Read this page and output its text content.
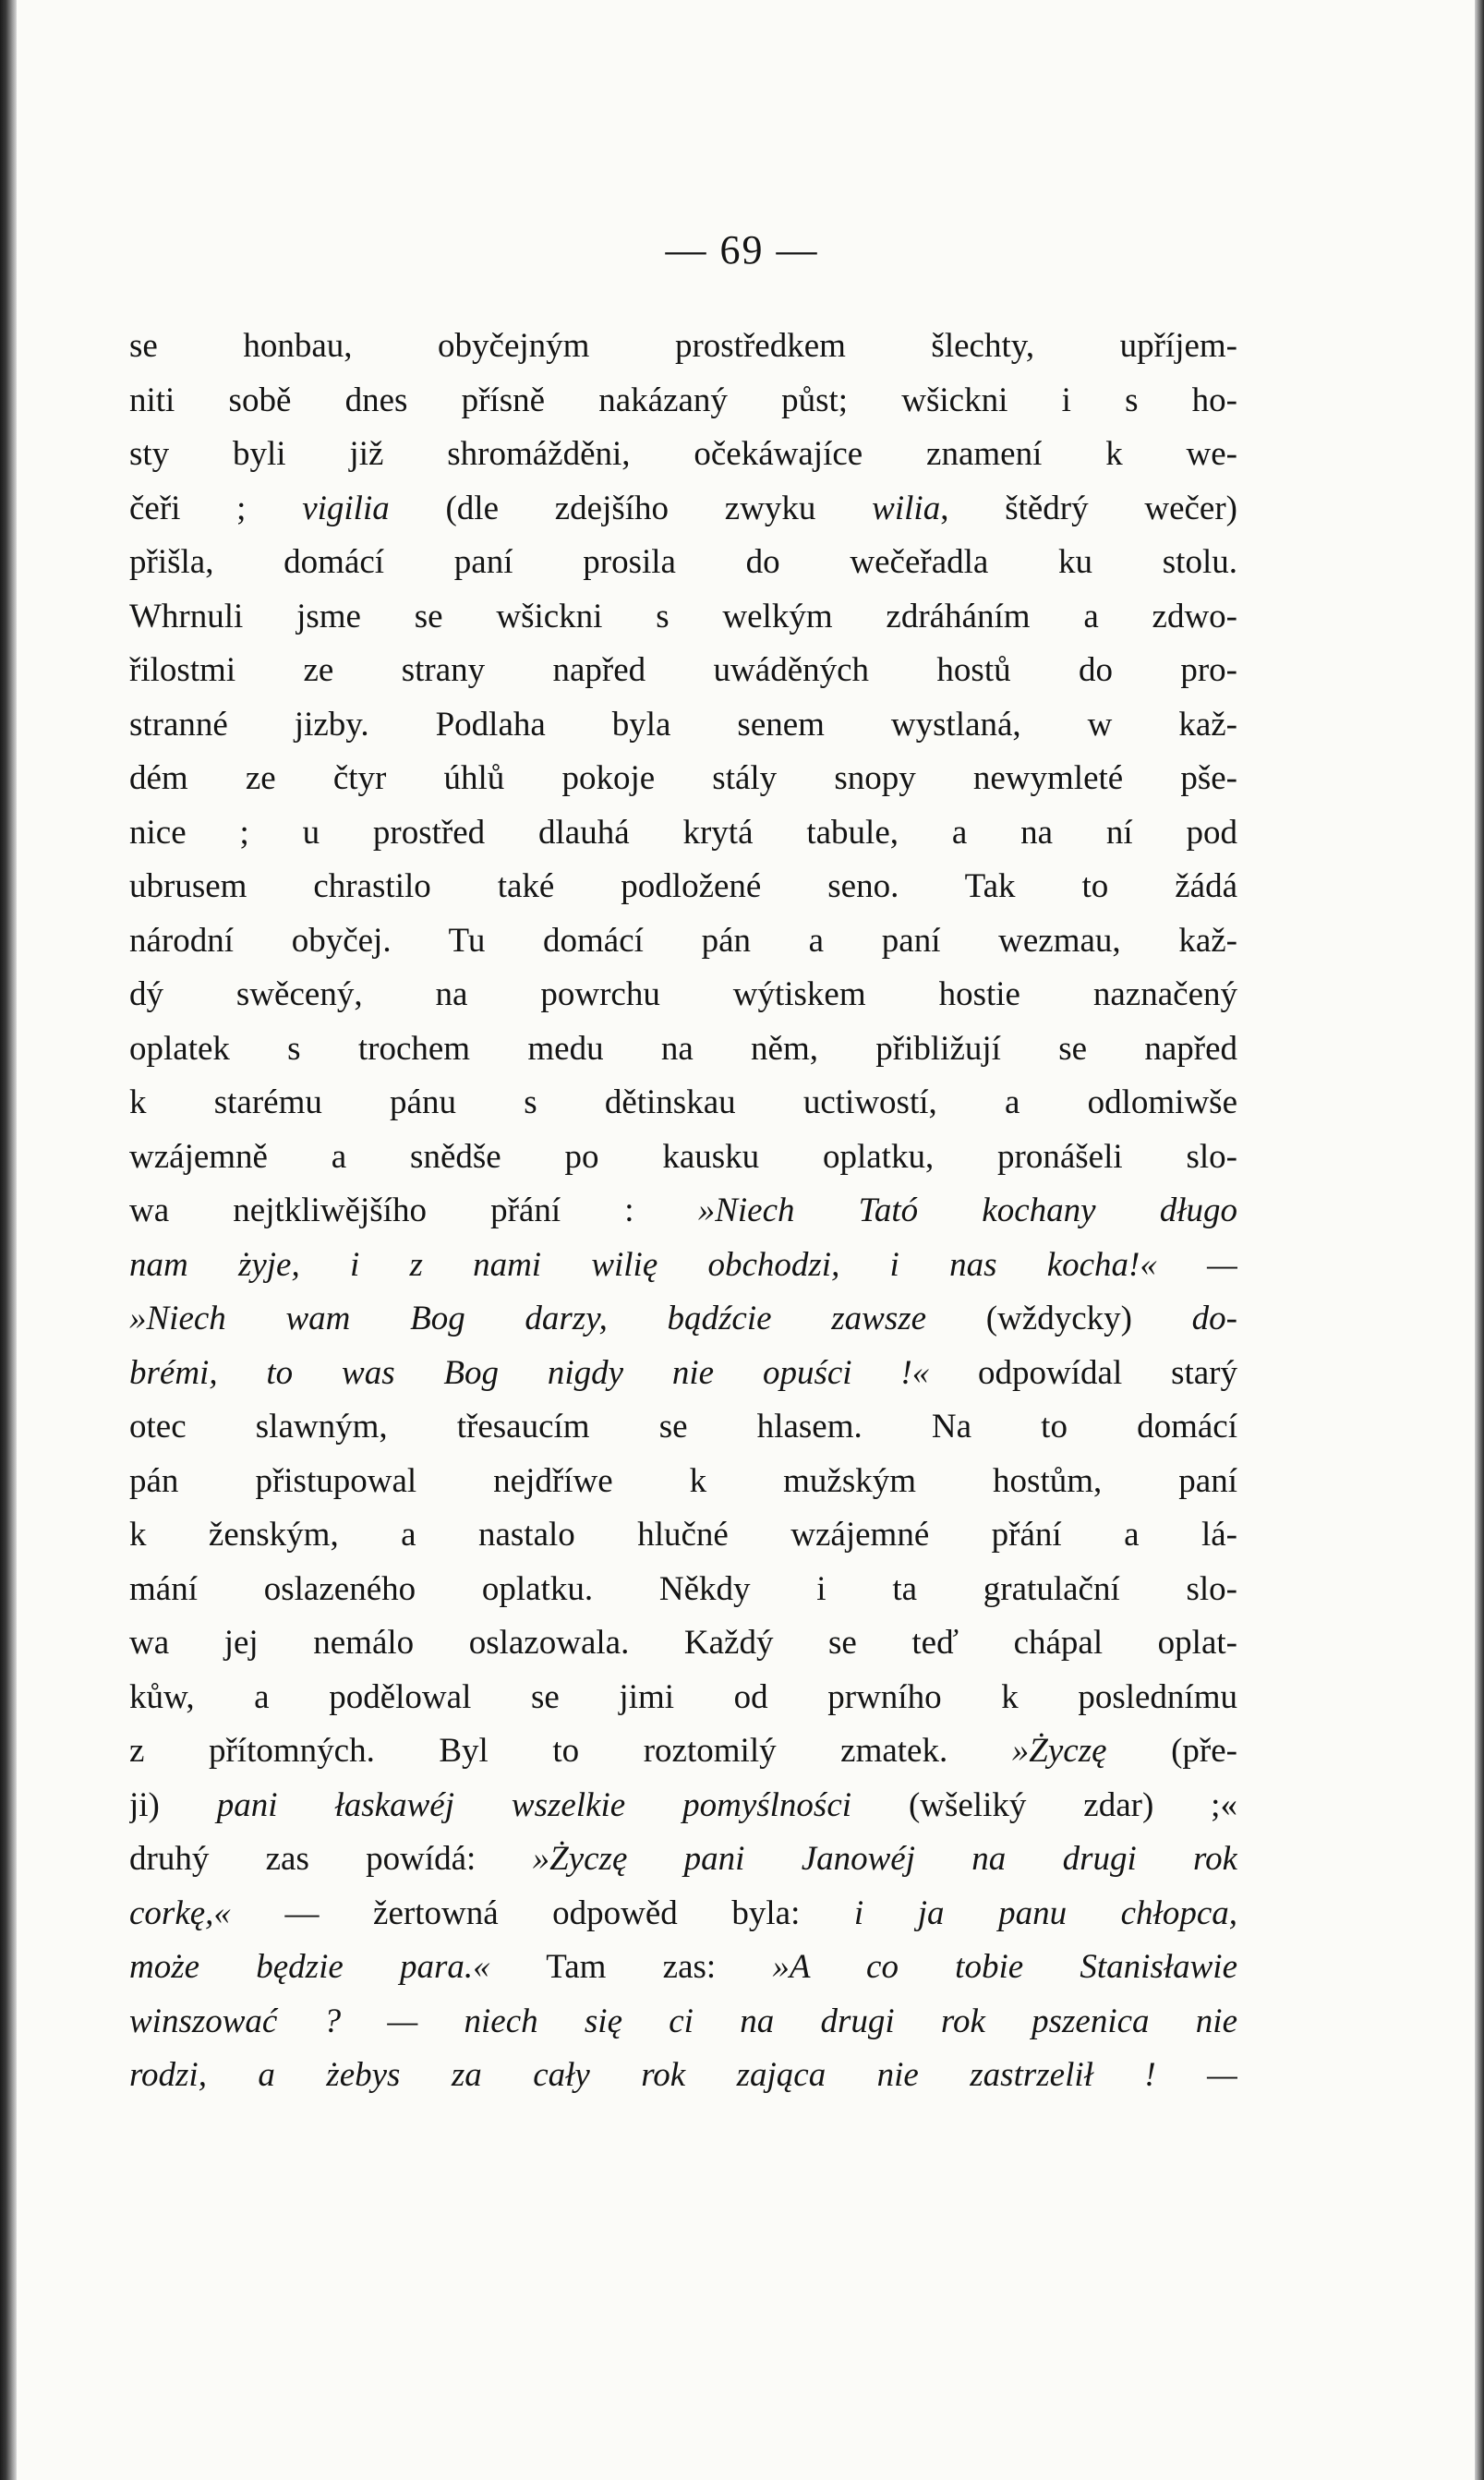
— 69 —
se honbau, obyčejným prostředkem šlechty, upříjem-
niti sobě dnes přísně nakázaný půst; wšickni i s ho-
sty byli již shromážděni, očekáwajíce znamení k we-
čeři ; vigilia (dle zdejšího zwyku wilia, štědrý wečer)
přišla, domácí paní prosila do wečeřadla ku stolu.
Whrnuli jsme se wšickni s welkým zdráháním a zdwo-
řilostmi ze strany napřed uwáděných hostů do pro-
stranné jizby. Podlaha byla senem wystlaná, w kaž-
dém ze čtyr úhlů pokoje stály snopy newymleté pše-
nice ; u prostřed dlauhá krytá tabule, a na ní pod
ubrusem chrastilo také podložené seno. Tak to žádá
národní obyčej. Tu domácí pán a paní wezmau, kaž-
dý swěcený, na powrchu wýtiskem hostie naznačený
oplatek s trochem medu na něm, přibližují se napřed
k starému pánu s dětinskau uctiwostí, a odlomiwše
wzájemně a snědše po kausku oplatku, pronášeli slo-
wa nejtkliwějšího přání : »Niech Tató kochany długo
nam żyje, i z nami wilię obchodzi, i nas kocha!« —
»Niech wam Bog darzy, bądźcie zawsze (wždycky) do-
brémi, to was Bog nigdy nie opuści !« odpowídal starý
otec slawným, třesaucím se hlasem. Na to domácí
pán přistupowal nejdříwe k mužským hostům, paní
k ženským, a nastalo hlučné wzájemné přání a lá-
mání oslazeného oplatku. Někdy i ta gratulační slo-
wa jej nemálo oslazowala. Každý se teď chápal oplat-
kůw, a podělowal se jimi od prwního k poslednímu
z přítomných. Byl to roztomilý zmatek. »Życzę (pře-
ji) pani łaskawéj wszelkie pomyślności (wšeliký zdar) ;«
druhý zas powídá: »Życzę pani Janowéj na drugi rok
corkę,« — žertowná odpowěd byla: i ja panu chłopca,
może będzie para.« Tam zas: »A co tobie Stanisławie
winszować ? — niech się ci na drugi rok pszenica nie
rodzi, a żebys za cały rok zająca nie zastrzelił ! —
